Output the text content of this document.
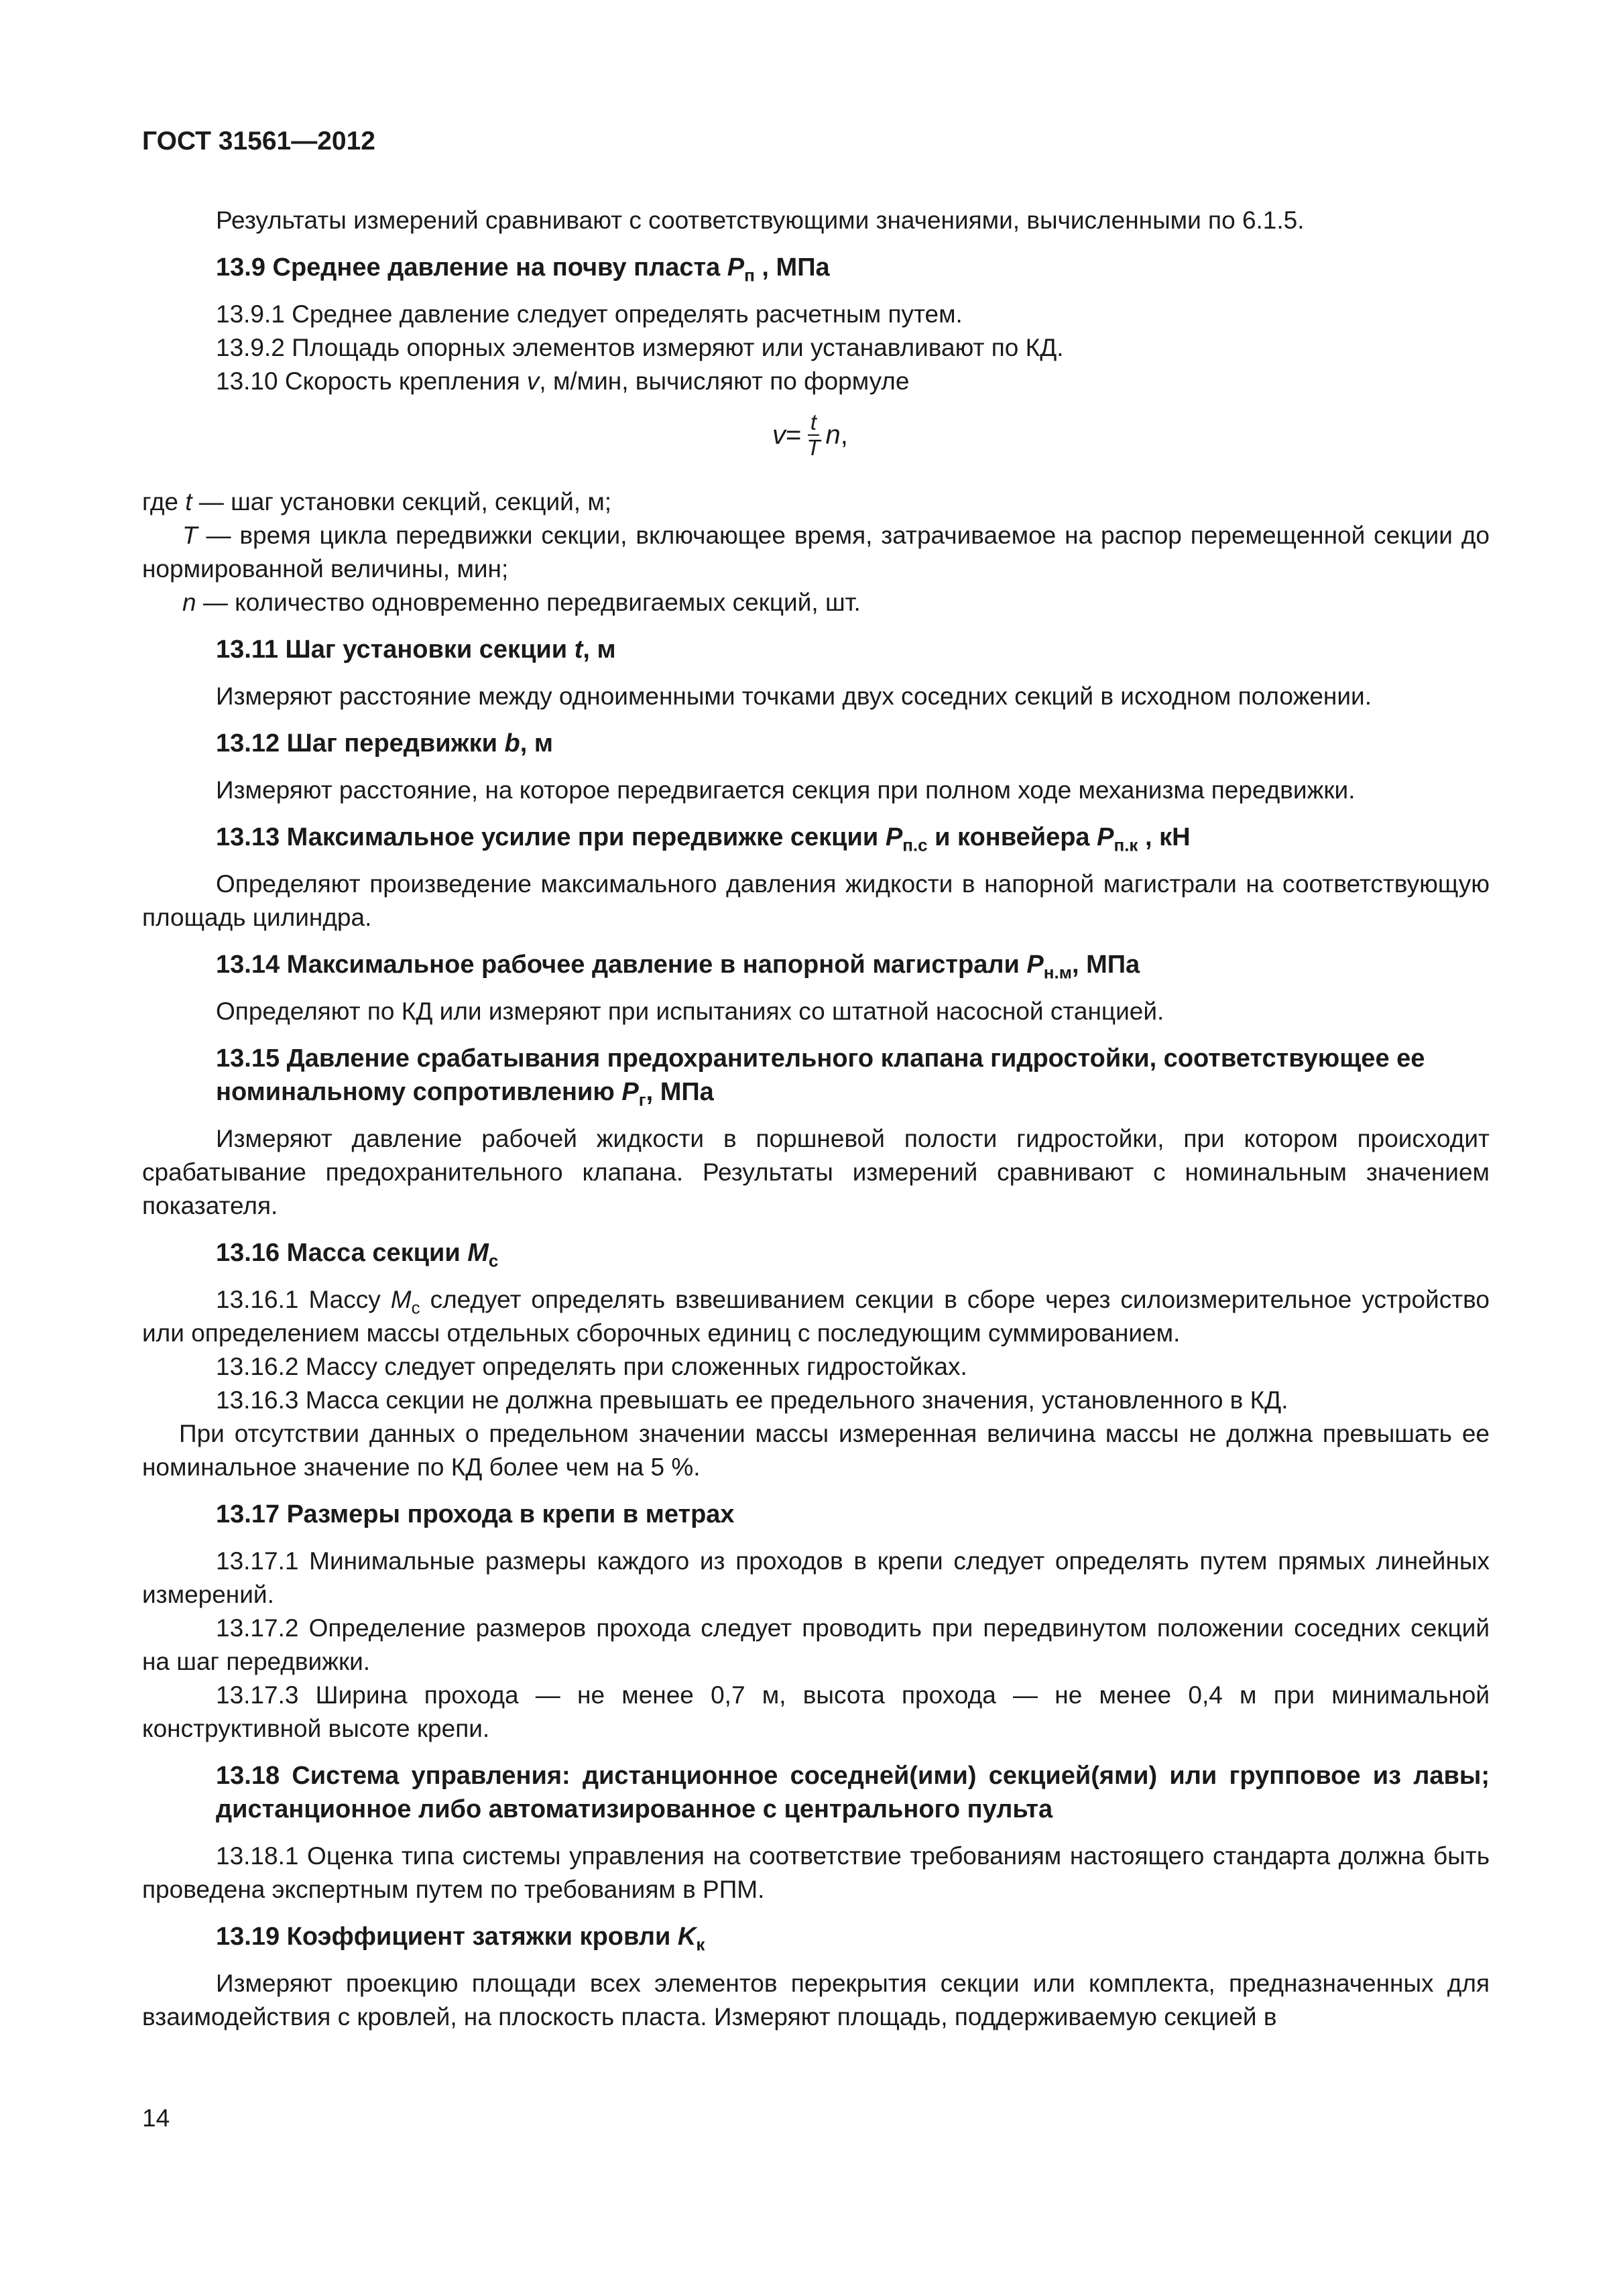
ГОСТ 31561—2012

Результаты измерений сравнивают с соответствующими значениями, вычисленными по 6.1.5.

13.9 Среднее давление на почву пласта $P_п$ , МПа

13.9.1 Среднее давление следует определять расчетным путем.

13.9.2 Площадь опорных элементов измеряют или устанавливают по КД.

13.10 Скорость крепления v, м/мин, вычисляют по формуле

$v = \frac{t}{T}$ n ,

где t — шаг установки секций, секций, м;

T — время цикла передвижки секции, включающее время, затрачиваемое на распор перемещенной секции до нормированной величины, мин;

n — количество одновременно передвигаемых секций, шт.

13.11 Шаг установки секции t, м

Измеряют расстояние между одноименными точками двух соседних секций в исходном положении.

13.12 Шаг передвижки b, м

Измеряют расстояние, на которое передвигается секция при полном ходе механизма передвижки.

13.13 Максимальное усилие при передвижке секции $P_{п.с}$ и конвейера $P_{п.к}$ , кН

Определяют произведение максимального давления жидкости в напорной магистрали на соответствующую площадь цилиндра.

13.14 Максимальное рабочее давление в напорной магистрали $P_{н.м}$, МПа

Определяют по КД или измеряют при испытаниях со штатной насосной станцией.

13.15 Давление срабатывания предохранительного клапана гидростойки, соответствующее ее номинальному сопротивлению $P_г$, МПа

Измеряют давление рабочей жидкости в поршневой полости гидростойки, при котором происходит срабатывание предохранительного клапана. Результаты измерений сравнивают с номинальным значением показателя.

13.16 Масса секции $M_с$

13.16.1 Массу $M_с$ следует определять взвешиванием секции в сборе через силоизмерительное устройство или определением массы отдельных сборочных единиц с последующим суммированием.

13.16.2 Массу следует определять при сложенных гидростойках.

13.16.3 Масса секции не должна превышать ее предельного значения, установленного в КД.

При отсутствии данных о предельном значении массы измеренная величина массы не должна превышать ее номинальное значение по КД более чем на 5 %.

13.17 Размеры прохода в крепи в метрах

13.17.1 Минимальные размеры каждого из проходов в крепи следует определять путем прямых линейных измерений.

13.17.2 Определение размеров прохода следует проводить при передвинутом положении соседних секций на шаг передвижки.

13.17.3 Ширина прохода — не менее 0,7 м, высота прохода — не менее 0,4 м при минимальной конструктивной высоте крепи.

13.18 Система управления: дистанционное соседней(ими) секцией(ями) или групповое из лавы; дистанционное либо автоматизированное с центрального пульта

13.18.1 Оценка типа системы управления на соответствие требованиям настоящего стандарта должна быть проведена экспертным путем по требованиям в РПМ.

13.19 Коэффициент затяжки кровли $K_к$

Измеряют проекцию площади всех элементов перекрытия секции или комплекта, предназначенных для взаимодействия с кровлей, на плоскость пласта. Измеряют площадь, поддерживаемую секцией в

14
